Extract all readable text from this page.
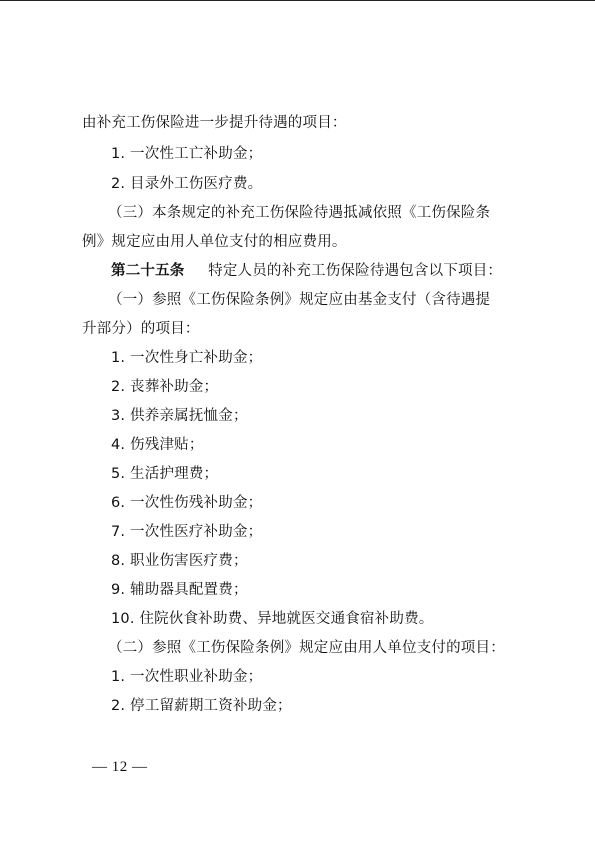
由补充工伤保险进一步提升待遇的项目：
1. 一次性工亡补助金；
2. 目录外工伤医疗费。
（三）本条规定的补充工伤保险待遇抵减依照《工伤保险条
例》规定应由用人单位支付的相应费用。
第二十五条 特定人员的补充工伤保险待遇包含以下项目：
（一）参照《工伤保险条例》规定应由基金支付（含待遇提
升部分）的项目：
1. 一次性身亡补助金；
2. 丧葬补助金；
3. 供养亲属抚恤金；
4. 伤残津贴；
5. 生活护理费；
6. 一次性伤残补助金；
7. 一次性医疗补助金；
8. 职业伤害医疗费；
9. 辅助器具配置费；
10. 住院伙食补助费、异地就医交通食宿补助费。
（二）参照《工伤保险条例》规定应由用人单位支付的项目：
1. 一次性职业补助金；
2. 停工留薪期工资补助金；
— 12 —
